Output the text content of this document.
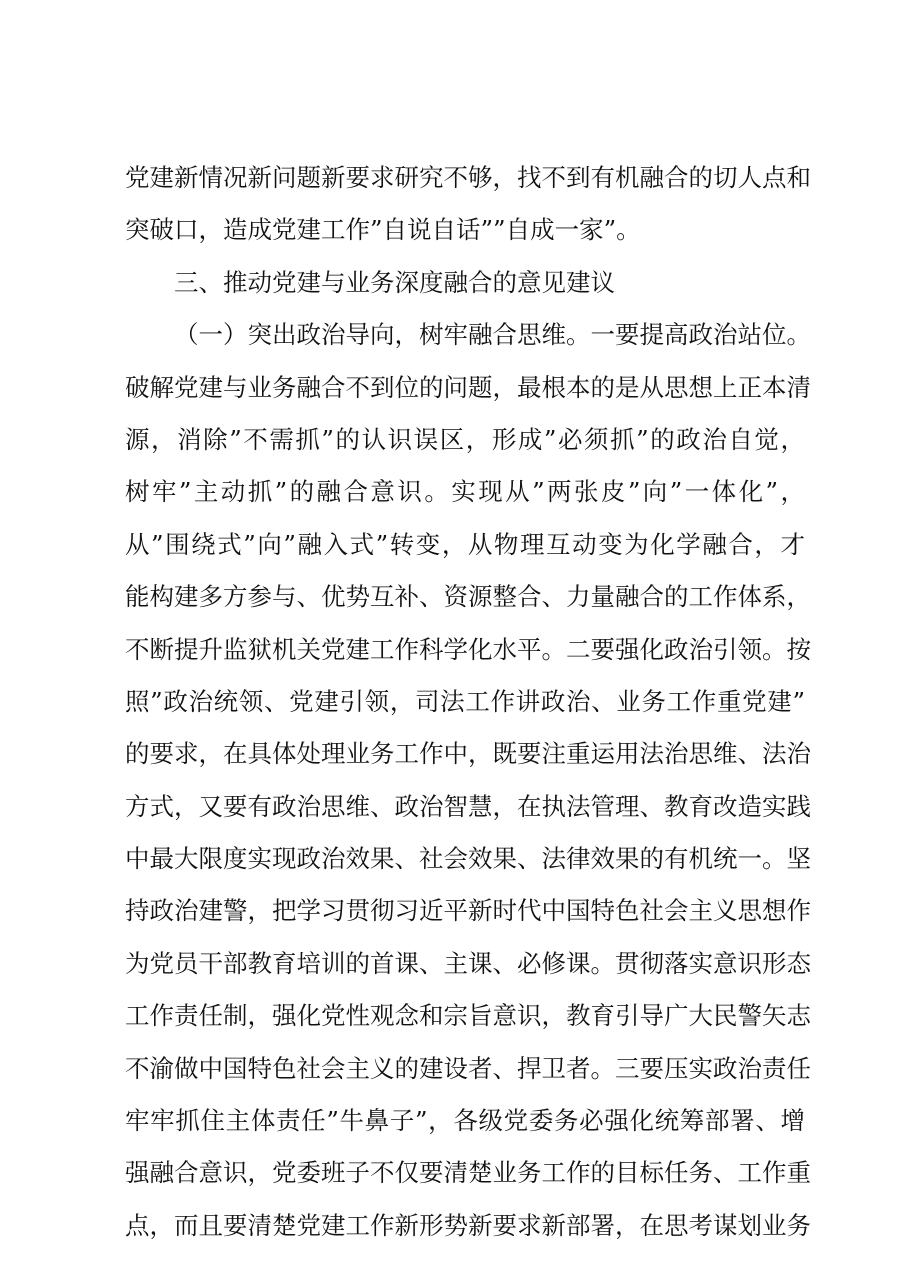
党建新情况新问题新要求研究不够，找不到有机融合的切人点和
突破口，造成党建工作”自说自话””自成一家”。
三、推动党建与业务深度融合的意见建议
（一）突出政治导向，树牢融合思维。一要提高政治站位。
破解党建与业务融合不到位的问题，最根本的是从思想上正本清
源，消除”不需抓”的认识误区，形成”必须抓”的政治自觉，
树牢”主动抓”的融合意识。实现从”两张皮”向”一体化”，
从”围绕式”向”融入式”转变，从物理互动变为化学融合，才
能构建多方参与、优势互补、资源整合、力量融合的工作体系，
不断提升监狱机关党建工作科学化水平。二要强化政治引领。按
照”政治统领、党建引领，司法工作讲政治、业务工作重党建”
的要求，在具体处理业务工作中，既要注重运用法治思维、法治
方式，又要有政治思维、政治智慧，在执法管理、教育改造实践
中最大限度实现政治效果、社会效果、法律效果的有机统一。坚
持政治建警，把学习贯彻习近平新时代中国特色社会主义思想作
为党员干部教育培训的首课、主课、必修课。贯彻落实意识形态
工作责任制，强化党性观念和宗旨意识，教育引导广大民警矢志
不渝做中国特色社会主义的建设者、捍卫者。三要压实政治责任
牢牢抓住主体责任”牛鼻子”，各级党委务必强化统筹部署、增
强融合意识，党委班子不仅要清楚业务工作的目标任务、工作重
点，而且要清楚党建工作新形势新要求新部署，在思考谋划业务
